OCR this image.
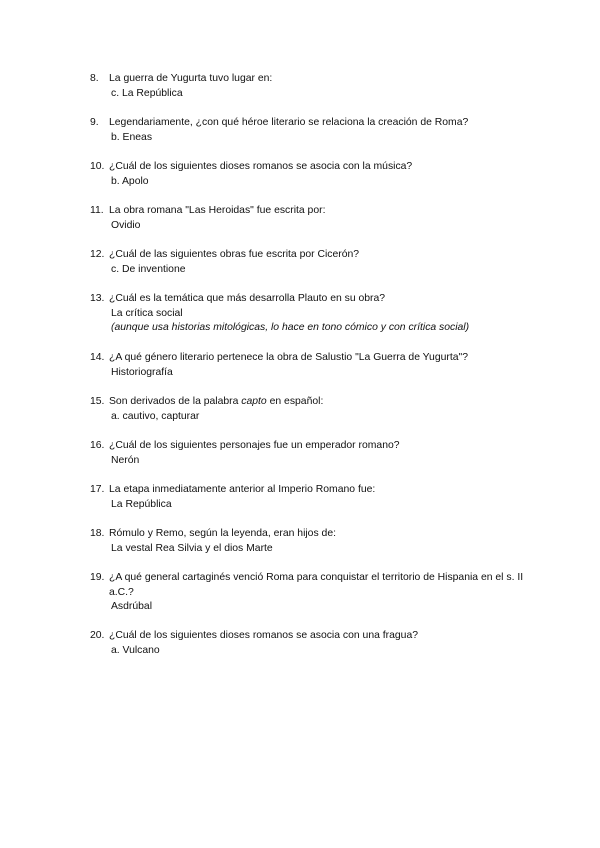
8. La guerra de Yugurta tuvo lugar en:
c. La República
9. Legendariamente, ¿con qué héroe literario se relaciona la creación de Roma?
b. Eneas
10. ¿Cuál de los siguientes dioses romanos se asocia con la música?
b. Apolo
11. La obra romana "Las Heroidas" fue escrita por:
Ovidio
12. ¿Cuál de las siguientes obras fue escrita por Cicerón?
c. De inventione
13. ¿Cuál es la temática que más desarrolla Plauto en su obra?
La crítica social
(aunque usa historias mitológicas, lo hace en tono cómico y con crítica social)
14. ¿A qué género literario pertenece la obra de Salustio "La Guerra de Yugurta"?
Historiografía
15. Son derivados de la palabra capto en español:
a. cautivo, capturar
16. ¿Cuál de los siguientes personajes fue un emperador romano?
Nerón
17. La etapa inmediatamente anterior al Imperio Romano fue:
La República
18. Rómulo y Remo, según la leyenda, eran hijos de:
La vestal Rea Silvia y el dios Marte
19. ¿A qué general cartaginés venció Roma para conquistar el territorio de Hispania en el s. II a.C.?
Asdrúbal
20. ¿Cuál de los siguientes dioses romanos se asocia con una fragua?
a. Vulcano
